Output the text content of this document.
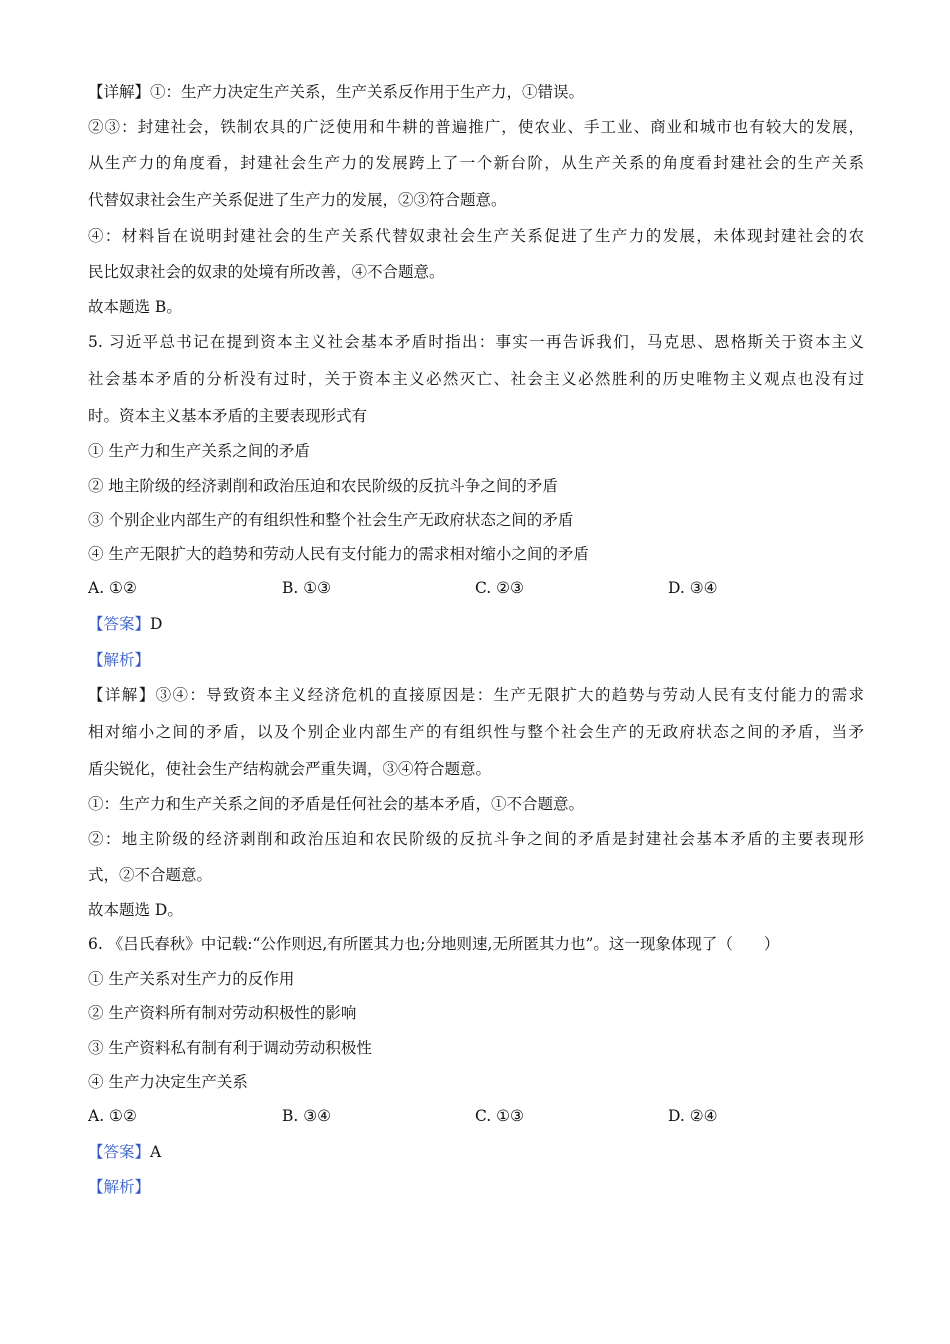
【详解】①：生产力决定生产关系，生产关系反作用于生产力，①错误。
②③：封建社会，铁制农具的广泛使用和牛耕的普遍推广，使农业、手工业、商业和城市也有较大的发展，
从生产力的角度看，封建社会生产力的发展跨上了一个新台阶，从生产关系的角度看封建社会的生产关系
代替奴隶社会生产关系促进了生产力的发展，②③符合题意。
④：材料旨在说明封建社会的生产关系代替奴隶社会生产关系促进了生产力的发展，未体现封建社会的农
民比奴隶社会的奴隶的处境有所改善，④不合题意。
故本题选 B。
5. 习近平总书记在提到资本主义社会基本矛盾时指出：事实一再告诉我们，马克思、恩格斯关于资本主义
社会基本矛盾的分析没有过时，关于资本主义必然灭亡、社会主义必然胜利的历史唯物主义观点也没有过
时。资本主义基本矛盾的主要表现形式有
① 生产力和生产关系之间的矛盾
② 地主阶级的经济剥削和政治压迫和农民阶级的反抗斗争之间的矛盾
③ 个别企业内部生产的有组织性和整个社会生产无政府状态之间的矛盾
④ 生产无限扩大的趋势和劳动人民有支付能力的需求相对缩小之间的矛盾
A. ①②	B. ①③	C. ②③	D. ③④
【答案】D
【解析】
【详解】③④：导致资本主义经济危机的直接原因是：生产无限扩大的趋势与劳动人民有支付能力的需求
相对缩小之间的矛盾，以及个别企业内部生产的有组织性与整个社会生产的无政府状态之间的矛盾，当矛
盾尖锐化，使社会生产结构就会严重失调，③④符合题意。
①：生产力和生产关系之间的矛盾是任何社会的基本矛盾，①不合题意。
②：地主阶级的经济剥削和政治压迫和农民阶级的反抗斗争之间的矛盾是封建社会基本矛盾的主要表现形
式，②不合题意。
故本题选 D。
6. 《吕氏春秋》中记载:“公作则迟,有所匿其力也;分地则速,无所匿其力也”。这一现象体现了（　　）
① 生产关系对生产力的反作用
② 生产资料所有制对劳动积极性的影响
③ 生产资料私有制有利于调动劳动积极性
④ 生产力决定生产关系
A. ①②	B. ③④	C. ①③	D. ②④
【答案】A
【解析】
